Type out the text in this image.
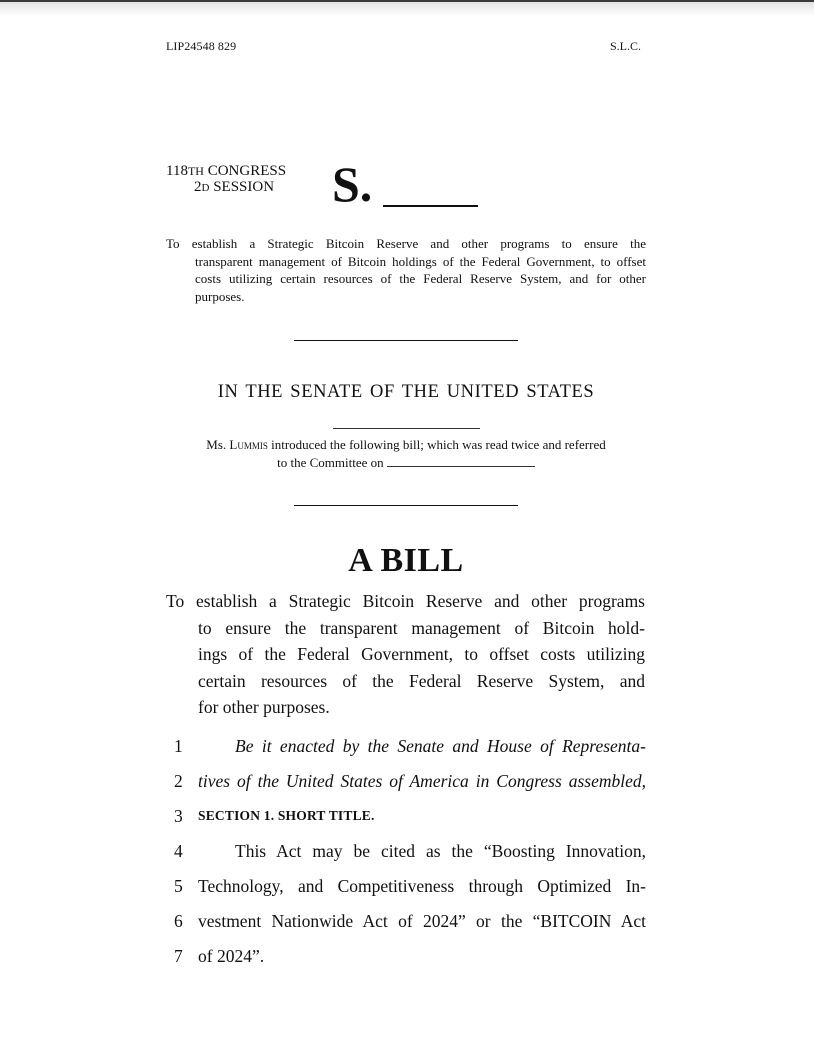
LIP24548 829	S.L.C.
118TH CONGRESS
2D SESSION S.
To establish a Strategic Bitcoin Reserve and other programs to ensure the
transparent management of Bitcoin holdings of the Federal Government, to offset costs utilizing certain resources of the Federal Reserve System, and for other purposes.
IN THE SENATE OF THE UNITED STATES
Ms. Lummis introduced the following bill; which was read twice and referred
to the Committee on
A BILL

To establish a Strategic Bitcoin Reserve and other programs

to ensure the transparent management of Bitcoin hold-

ings of the Federal Government, to offset costs utilizing

certain resources of the Federal Reserve System, and

for other purposes.

1	Be it enacted by the Senate and House of Representa-
2 tives of the United States of America in Congress assembled,
3 SECTION 1. SHORT TITLE.
4	This Act may be cited as the “Boosting Innovation,
5 Technology, and Competitiveness through Optimized In-
6 vestment Nationwide Act of 2024” or the “BITCOIN Act
7 of 2024”.
